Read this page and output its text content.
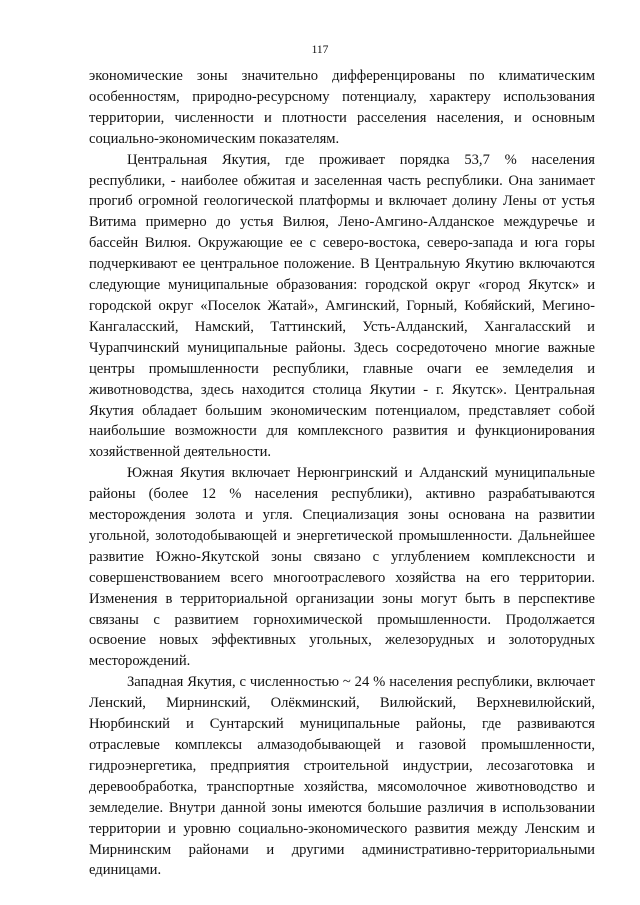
117

экономические зоны значительно дифференцированы по климатическим особенностям, природно-ресурсному потенциалу, характеру использования территории, численности и плотности расселения населения, и основным социально-экономическим показателям.

Центральная Якутия, где проживает порядка 53,7 % населения республики, - наиболее обжитая и заселенная часть республики. Она занимает прогиб огромной геологической платформы и включает долину Лены от устья Витима примерно до устья Вилюя, Лено-Амгино-Алданское междуречье и бассейн Вилюя. Окружающие ее с северо-востока, северо-запада и юга горы подчеркивают ее центральное положение. В Центральную Якутию включаются следующие муниципальные образования: городской округ «город Якутск» и городской округ «Поселок Жатай», Амгинский, Горный, Кобяйский, Мегино-Кангаласский, Намский, Таттинский, Усть-Алданский, Хангаласский и Чурапчинский муниципальные районы. Здесь сосредоточено многие важные центры промышленности республики, главные очаги ее земледелия и животноводства, здесь находится столица Якутии - г. Якутск». Центральная Якутия обладает большим экономическим потенциалом, представляет собой наибольшие возможности для комплексного развития и функционирования хозяйственной деятельности.

Южная Якутия включает Нерюнгринский и Алданский муниципальные районы (более 12 % населения республики), активно разрабатываются месторождения золота и угля. Специализация зоны основана на развитии угольной, золотодобывающей и энергетической промышленности. Дальнейшее развитие Южно-Якутской зоны связано с углублением комплексности и совершенствованием всего многоотраслевого хозяйства на его территории. Изменения в территориальной организации зоны могут быть в перспективе связаны с развитием горнохимической промышленности. Продолжается освоение новых эффективных угольных, железорудных и золоторудных месторождений.

Западная Якутия, с численностью ~ 24 % населения республики, включает Ленский, Мирнинский, Олёкминский, Вилюйский, Верхневилюйский, Нюрбинский и Сунтарский муниципальные районы, где развиваются отраслевые комплексы алмазодобывающей и газовой промышленности, гидроэнергетика, предприятия строительной индустрии, лесозаготовка и деревообработка, транспортные хозяйства, мясомолочное животноводство и земледелие. Внутри данной зоны имеются большие различия в использовании территории и уровню социально-экономического развития между Ленским и Мирнинским районами и другими административно-территориальными единицами.
